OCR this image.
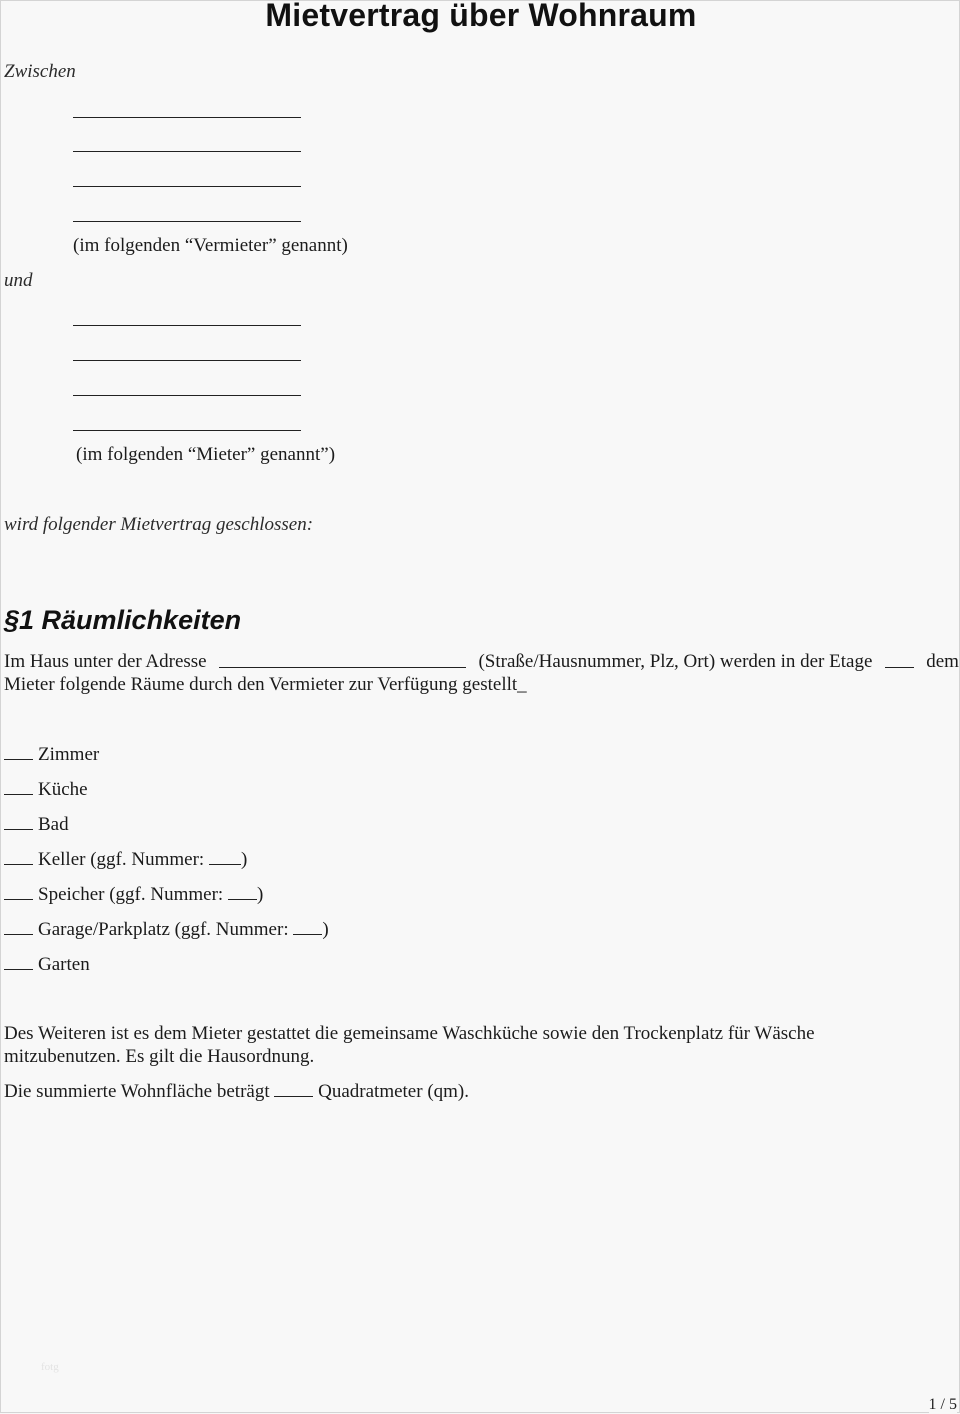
Mietvertrag über Wohnraum
Zwischen
(im folgenden “Vermieter” genannt)
und
(im folgenden “Mieter” genannt”)
wird folgender Mietvertrag geschlossen:
§1 Räumlichkeiten
Im Haus unter der Adresse	(Straße/Hausnummer, Plz, Ort) werden in der Etage	dem
Mieter folgende Räume durch den Vermieter zur Verfügung gestellt_
Zimmer
Küche
Bad
Keller (ggf. Nummer: )
Speicher (ggf. Nummer: )
Garage/Parkplatz (ggf. Nummer: )
Garten
Des Weiteren ist es dem Mieter gestattet die gemeinsame Waschküche sowie den Trockenplatz für Wäsche mitzubenutzen. Es gilt die Hausordnung.
Die summierte Wohnfläche beträgt	Quadratmeter (qm).
fotg
1 / 5
